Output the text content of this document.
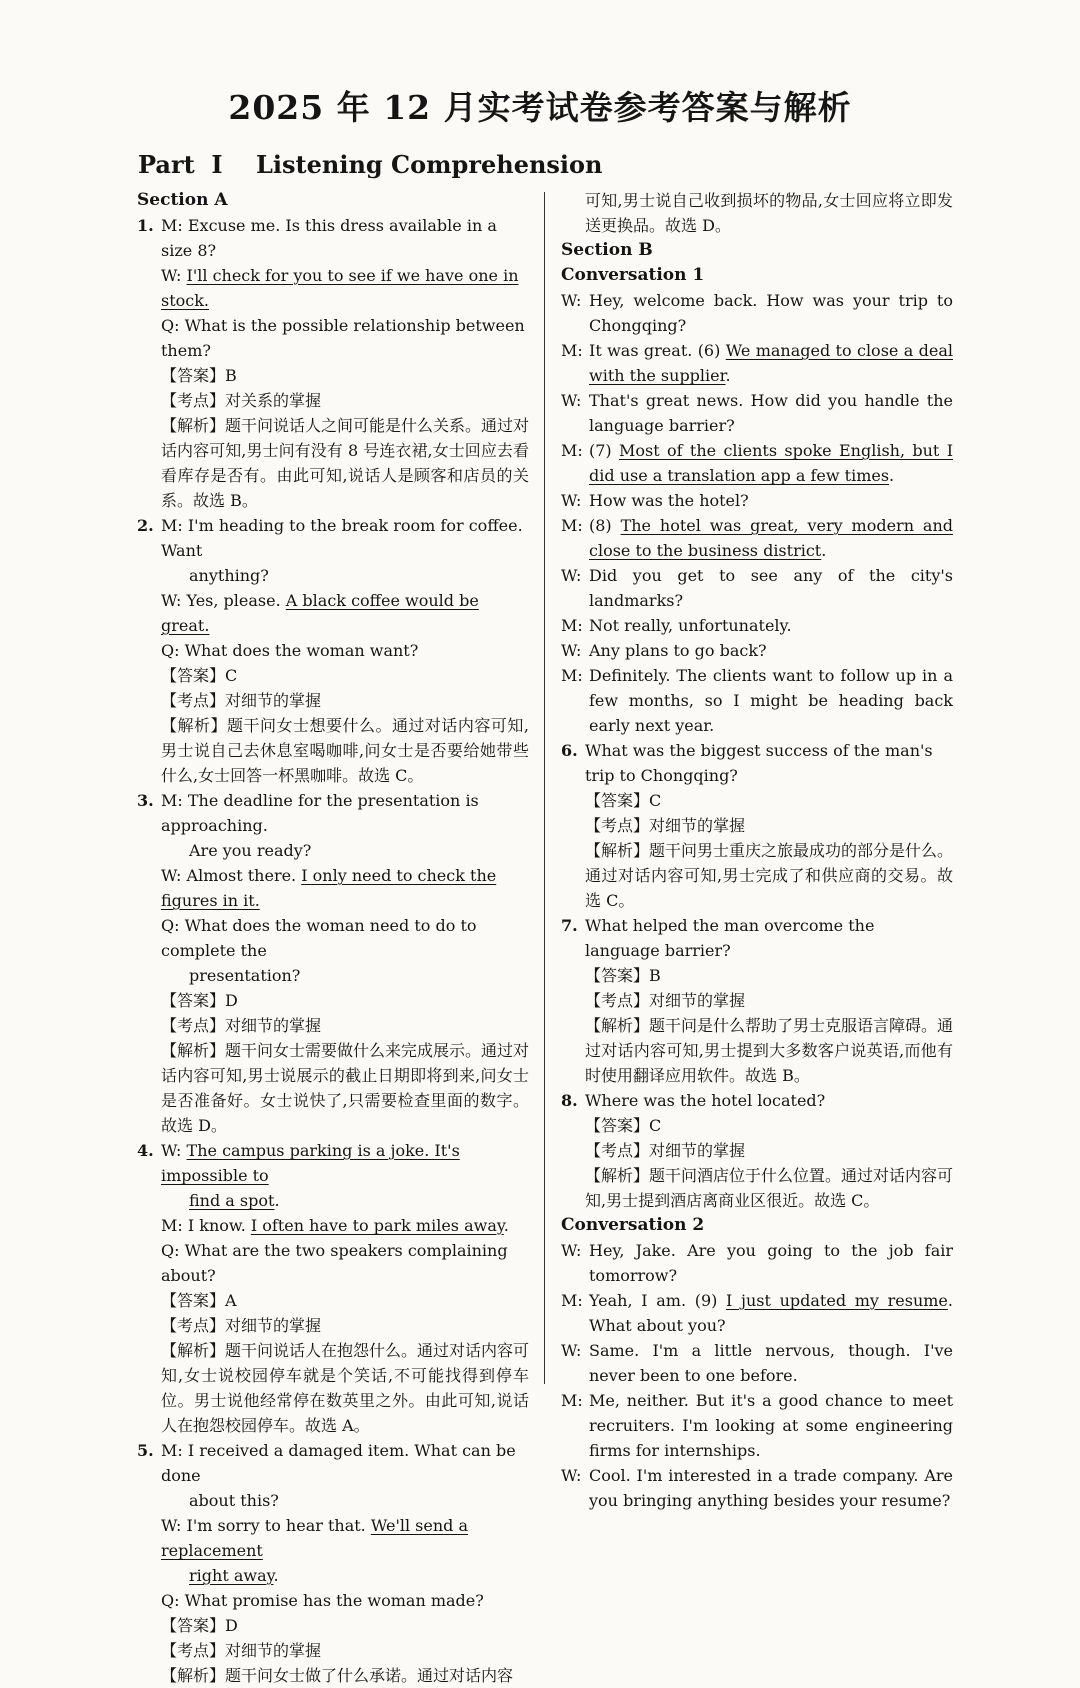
2025 年 12 月实考试卷参考答案与解析
Part  I    Listening Comprehension
Section A
1. M: Excuse me. Is this dress available in a size 8?
W: I'll check for you to see if we have one in stock.
Q: What is the possible relationship between them?
【答案】B
【考点】对关系的掌握
【解析】题干问说话人之间可能是什么关系。通过对话内容可知,男士问有没有 8 号连衣裙,女士回应去看看库存是否有。由此可知,说话人是顾客和店员的关系。故选 B。
2. M: I'm heading to the break room for coffee. Want
anything?
W: Yes, please. A black coffee would be great.
Q: What does the woman want?
【答案】C
【考点】对细节的掌握
【解析】题干问女士想要什么。通过对话内容可知,男士说自己去休息室喝咖啡,问女士是否要给她带些什么,女士回答一杯黑咖啡。故选 C。
3. M: The deadline for the presentation is approaching.
Are you ready?
W: Almost there. I only need to check the figures in it.
Q: What does the woman need to do to complete the
presentation?
【答案】D
【考点】对细节的掌握
【解析】题干问女士需要做什么来完成展示。通过对话内容可知,男士说展示的截止日期即将到来,问女士是否准备好。女士说快了,只需要检查里面的数字。故选 D。
4. W: The campus parking is a joke. It's impossible to
find a spot.
M: I know. I often have to park miles away.
Q: What are the two speakers complaining about?
【答案】A
【考点】对细节的掌握
【解析】题干问说话人在抱怨什么。通过对话内容可知,女士说校园停车就是个笑话,不可能找得到停车位。男士说他经常停在数英里之外。由此可知,说话人在抱怨校园停车。故选 A。
5. M: I received a damaged item. What can be done
about this?
W: I'm sorry to hear that. We'll send a replacement
right away.
Q: What promise has the woman made?
【答案】D
【考点】对细节的掌握
【解析】题干问女士做了什么承诺。通过对话内容
可知,男士说自己收到损坏的物品,女士回应将立即发送更换品。故选 D。
Section B
Conversation 1
W: Hey, welcome back. How was your trip to Chongqing?
M: It was great. (6) We managed to close a deal with the supplier.
W: That's great news. How did you handle the language barrier?
M: (7) Most of the clients spoke English, but I did use a translation app a few times.
W: How was the hotel?
M: (8) The hotel was great, very modern and close to the business district.
W: Did you get to see any of the city's landmarks?
M: Not really, unfortunately.
W: Any plans to go back?
M: Definitely. The clients want to follow up in a few months, so I might be heading back early next year.
6. What was the biggest success of the man's trip to Chongqing?
【答案】C
【考点】对细节的掌握
【解析】题干问男士重庆之旅最成功的部分是什么。通过对话内容可知,男士完成了和供应商的交易。故选 C。
7. What helped the man overcome the language barrier?
【答案】B
【考点】对细节的掌握
【解析】题干问是什么帮助了男士克服语言障碍。通过对话内容可知,男士提到大多数客户说英语,而他有时使用翻译应用软件。故选 B。
8. Where was the hotel located?
【答案】C
【考点】对细节的掌握
【解析】题干问酒店位于什么位置。通过对话内容可知,男士提到酒店离商业区很近。故选 C。
Conversation 2
W: Hey, Jake. Are you going to the job fair tomorrow?
M: Yeah, I am. (9) I just updated my resume. What about you?
W: Same. I'm a little nervous, though. I've never been to one before.
M: Me, neither. But it's a good chance to meet recruiters. I'm looking at some engineering firms for internships.
W: Cool. I'm interested in a trade company. Are you bringing anything besides your resume?
